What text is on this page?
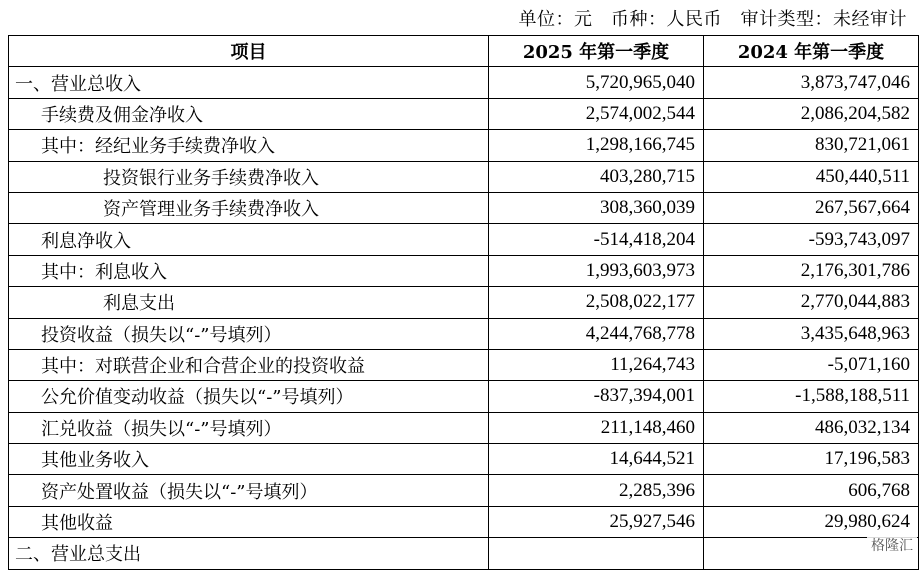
单位：元　币种：人民币　审计类型：未经审计
项目	2025 年第一季度	2024 年第一季度
一、营业总收入	5,720,965,040	3,873,747,046
手续费及佣金净收入	2,574,002,544	2,086,204,582
其中：经纪业务手续费净收入	1,298,166,745	830,721,061
投资银行业务手续费净收入	403,280,715	450,440,511
资产管理业务手续费净收入	308,360,039	267,567,664
利息净收入	-514,418,204	-593,743,097
其中：利息收入	1,993,603,973	2,176,301,786
利息支出	2,508,022,177	2,770,044,883
投资收益（损失以“-”号填列）	4,244,768,778	3,435,648,963
其中：对联营企业和合营企业的投资收益	11,264,743	-5,071,160
公允价值变动收益（损失以“-”号填列）	-837,394,001	-1,588,188,511
汇兑收益（损失以“-”号填列）	211,148,460	486,032,134
其他业务收入	14,644,521	17,196,583
资产处置收益（损失以“-”号填列）	2,285,396	606,768
其他收益	25,927,546	29,980,624
二、营业总支出			格隆汇
